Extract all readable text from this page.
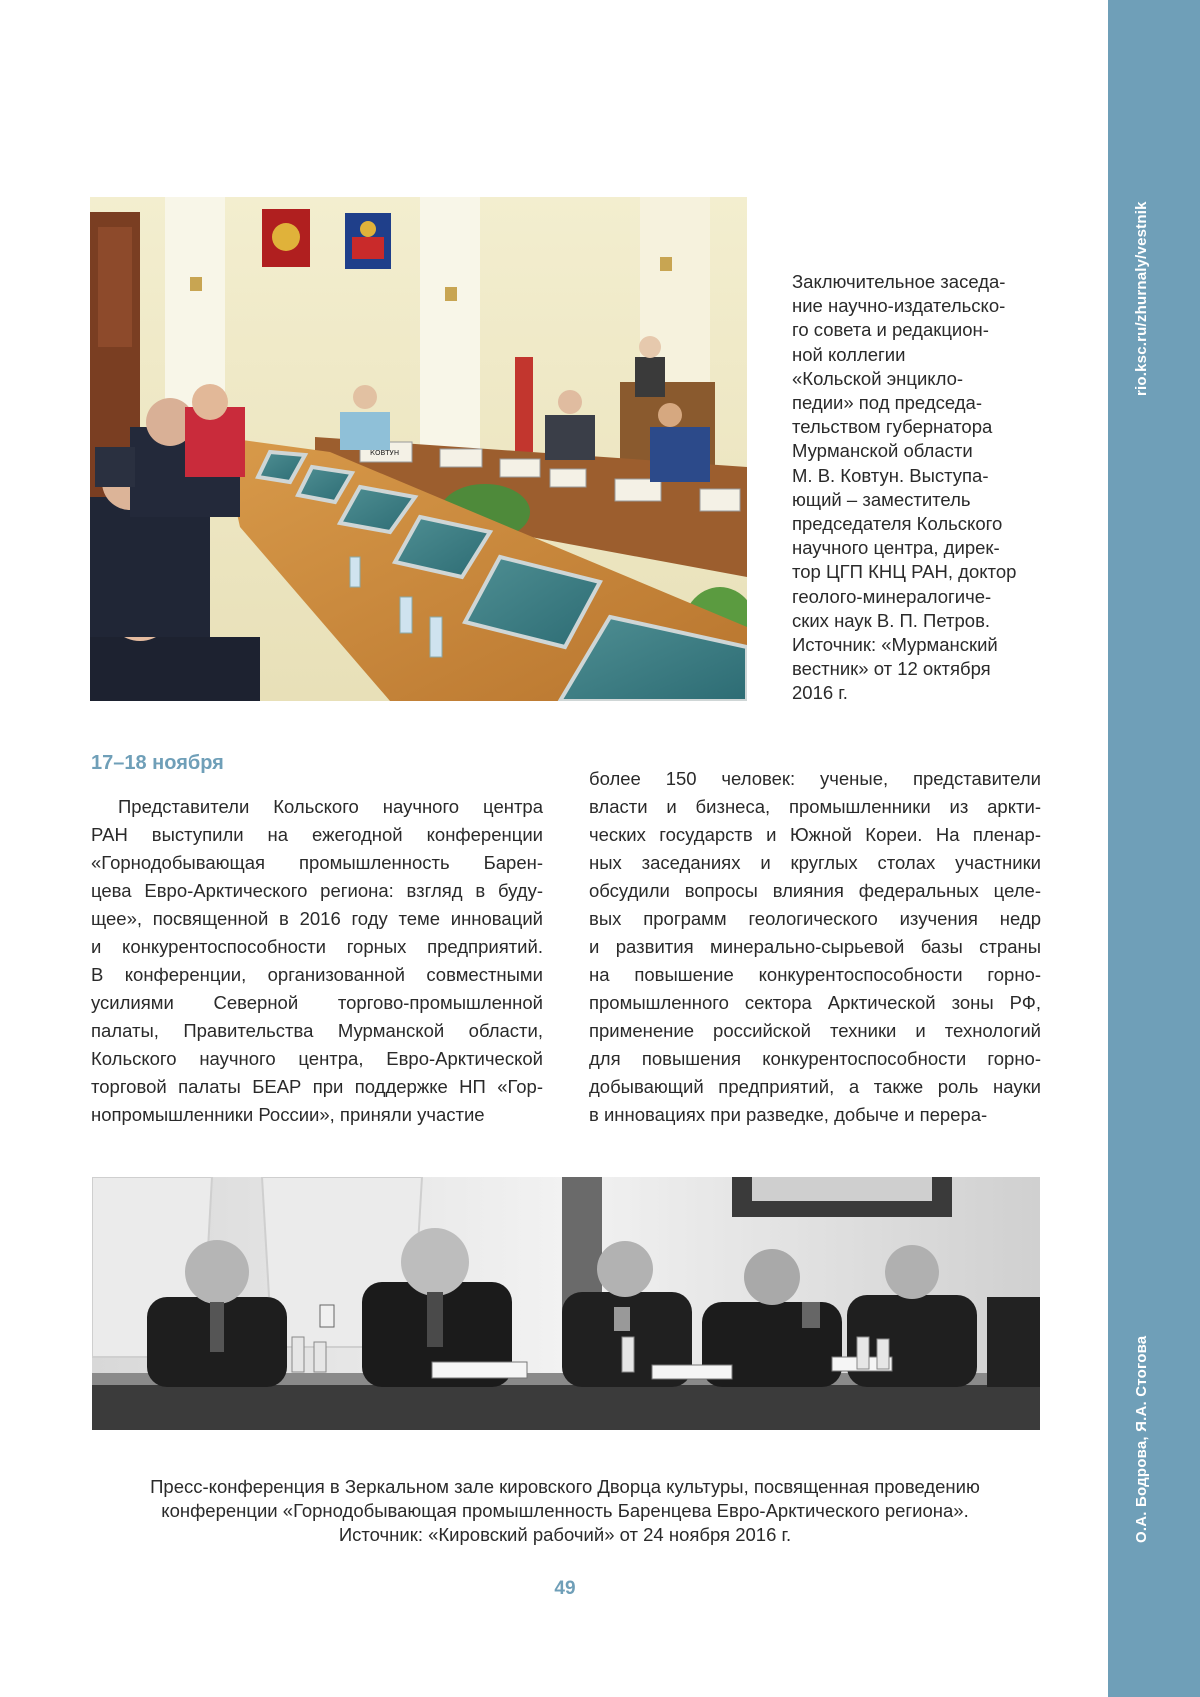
rio.ksc.ru/zhurnaly/vestnik
О.А. Бодрова, Я.А. Стогова
КОВТУН
Заключительное заседа-
ние научно-издательско-
го совета и редакцион-
ной коллегии
«Кольской энцикло-
педии» под председа-
тельством губернатора
Мурманской области
М. В. Ковтун. Выступа-
ющий – заместитель
председателя Кольского
научного центра, дирек-
тор ЦГП КНЦ РАН, доктор
геолого-минералогиче-
ских наук В. П. Петров.
Источник: «Мурманский
вестник» от 12 октября
2016 г.
17–18 ноября
Представители Кольского научного центра
РАН выступили на ежегодной конференции
«Горнодобывающая промышленность Барен-
цева Евро-Арктического региона: взгляд в буду-
щее», посвященной в 2016 году теме инноваций
и конкурентоспособности горных предприятий.
В конференции, организованной совместными
усилиями Северной торгово-промышленной
палаты, Правительства Мурманской области,
Кольского научного центра, Евро-Арктической
торговой палаты БЕАР при поддержке НП «Гор-
нопромышленники России», приняли участие
более 150 человек: ученые, представители
власти и бизнеса, промышленники из аркти-
ческих государств и Южной Кореи. На пленар-
ных заседаниях и круглых столах участники
обсудили вопросы влияния федеральных целе-
вых программ геологического изучения недр
и развития минерально-сырьевой базы страны
на повышение конкурентоспособности горно-
промышленного сектора Арктической зоны РФ,
применение российской техники и технологий
для повышения конкурентоспособности горно-
добывающий предприятий, а также роль науки
в инновациях при разведке, добыче и перера-
Пресс-конференция в Зеркальном зале кировского Дворца культуры, посвященная проведению
конференции «Горнодобывающая промышленность Баренцева Евро-Арктического региона».
Источник: «Кировский рабочий» от 24 ноября 2016 г.
49
